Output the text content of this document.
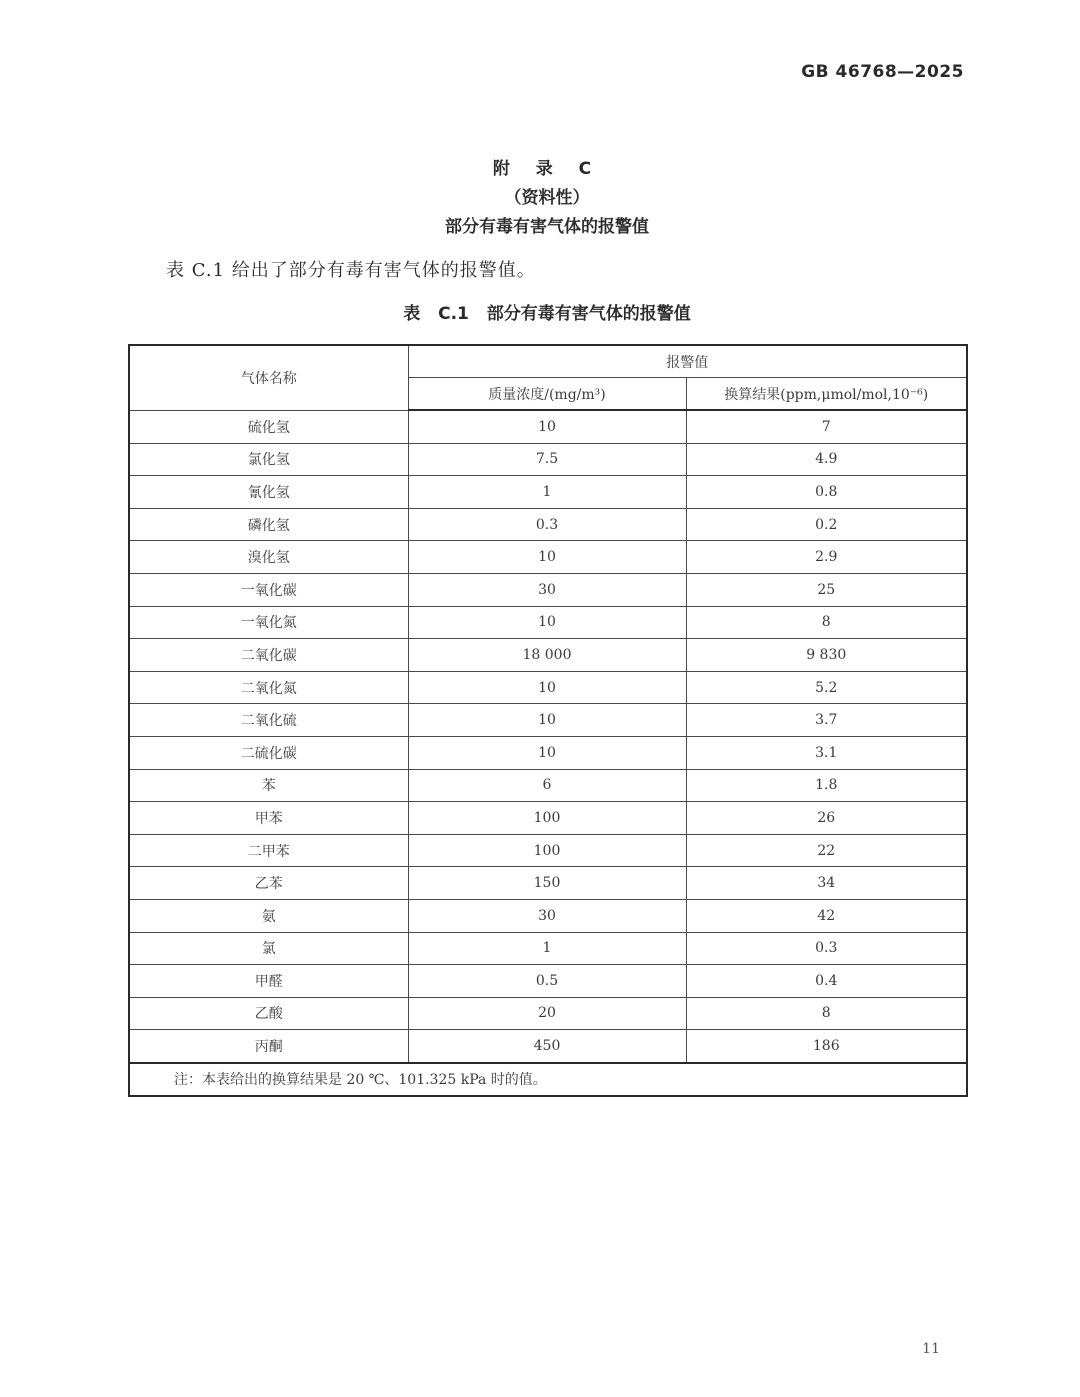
GB 46768—2025
附 录 C
（资料性）
部分有毒有害气体的报警值
表 C.1 给出了部分有毒有害气体的报警值。
表 C.1 部分有毒有害气体的报警值
气体名称	报警值	
	质量浓度/(mg/m³)	换算结果(ppm,μmol/mol,10⁻⁶)
硫化氢	10	7
氯化氢	7.5	4.9
氰化氢	1	0.8
磷化氢	0.3	0.2
溴化氢	10	2.9
一氧化碳	30	25
一氧化氮	10	8
二氧化碳	18 000	9 830
二氧化氮	10	5.2
二氧化硫	10	3.7
二硫化碳	10	3.1
苯	6	1.8
甲苯	100	26
二甲苯	100	22
乙苯	150	34
氨	30	42
氯	1	0.3
甲醛	0.5	0.4
乙酸	20	8
丙酮	450	186
注：本表给出的换算结果是 20 ℃、101.325 kPa 时的值。		
11
